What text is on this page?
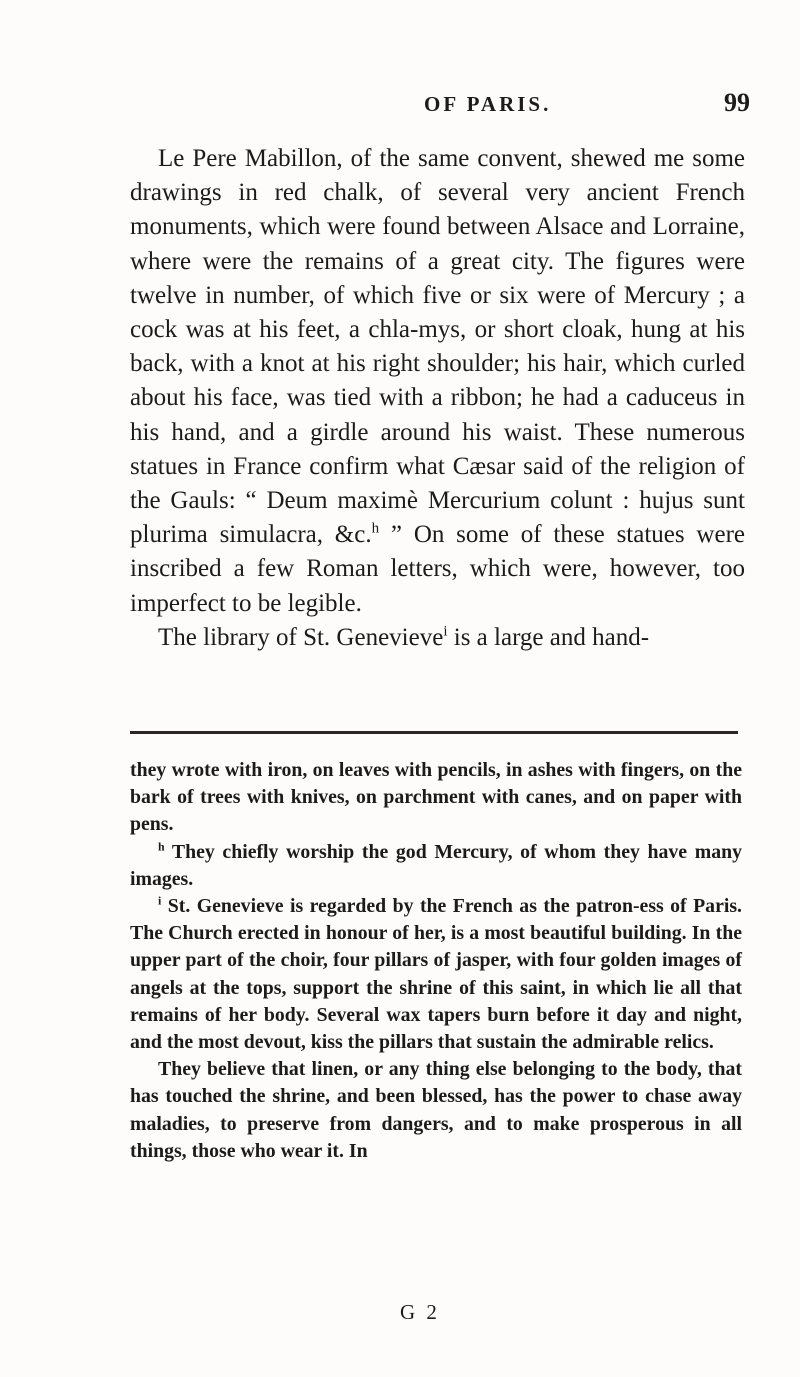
OF PARIS.	99

Le Pere Mabillon, of the same convent, shewed me some drawings in red chalk, of several very ancient French monuments, which were found between Alsace and Lorraine, where were the remains of a great city. The figures were twelve in number, of which five or six were of Mercury ; a cock was at his feet, a chla-mys, or short cloak, hung at his back, with a knot at his right shoulder; his hair, which curled about his face, was tied with a ribbon; he had a caduceus in his hand, and a girdle around his waist. These numerous statues in France confirm what Cæsar said of the religion of the Gauls: “ Deum maximè Mercurium colunt : hujus sunt plurima simulacra, &c.$^h$ ” On some of these statues were inscribed a few Roman letters, which were, however, too imperfect to be legible.

The library of St. Genevieve$^i$ is a large and hand-

they wrote with iron, on leaves with pencils, in ashes with fingers, on the bark of trees with knives, on parchment with canes, and on paper with pens.

$^h$ They chiefly worship the god Mercury, of whom they have many images.

$^i$ St. Genevieve is regarded by the French as the patron-ess of Paris. The Church erected in honour of her, is a most beautiful building. In the upper part of the choir, four pillars of jasper, with four golden images of angels at the tops, support the shrine of this saint, in which lie all that remains of her body. Several wax tapers burn before it day and night, and the most devout, kiss the pillars that sustain the admirable relics.

They believe that linen, or any thing else belonging to the body, that has touched the shrine, and been blessed, has the power to chase away maladies, to preserve from dangers, and to make prosperous in all things, those who wear it. In

G 2
